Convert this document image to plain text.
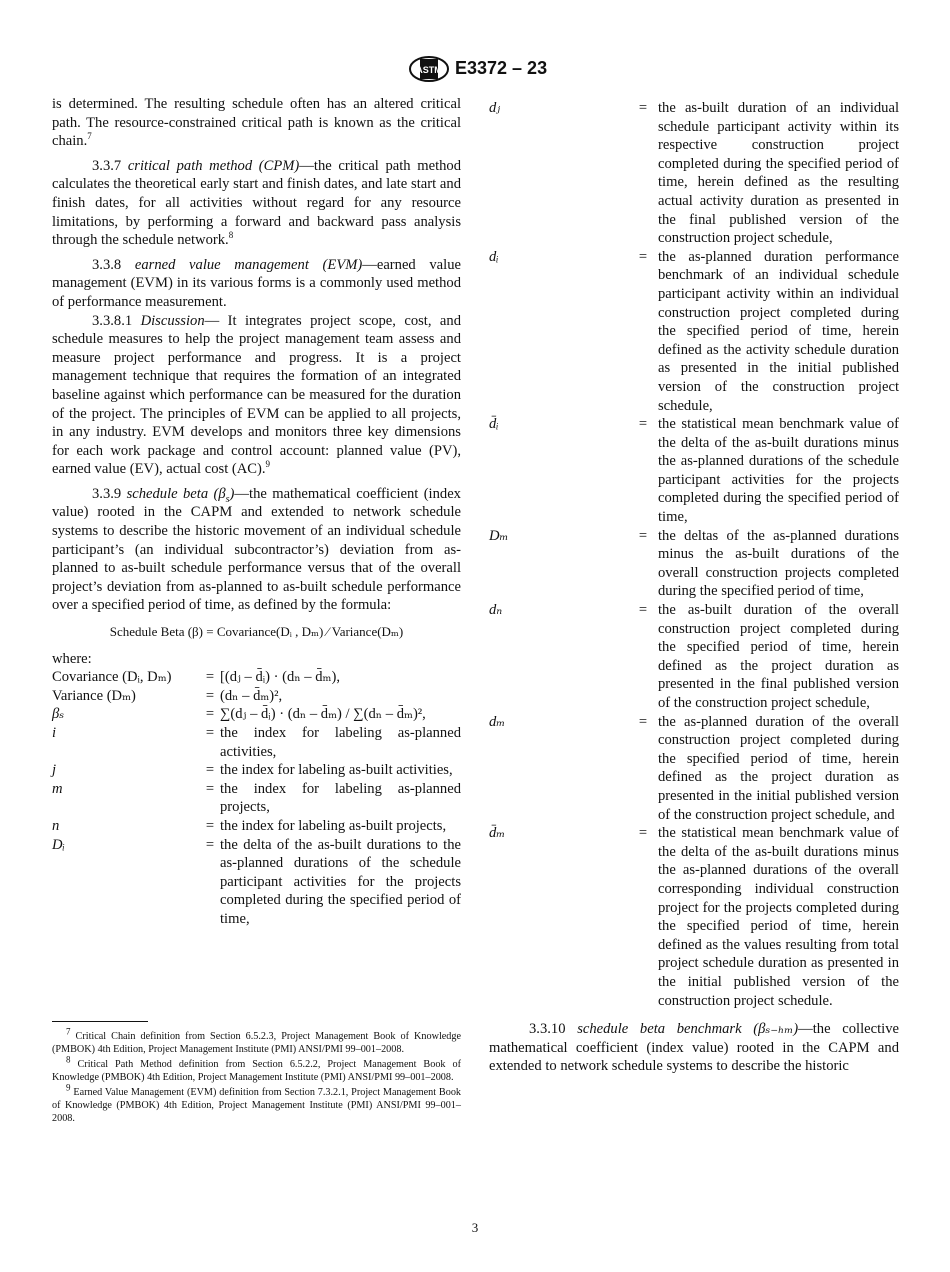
ASTM E3372 – 23

is determined. The resulting schedule often has an altered critical path. The resource-constrained critical path is known as the critical chain.$^7$

3.3.7 critical path method (CPM)—the critical path method calculates the theoretical early start and finish dates, and late start and finish dates, for all activities without regard for any resource limitations, by performing a forward and backward pass analysis through the schedule network.$^8$

3.3.8 earned value management (EVM)—earned value management (EVM) in its various forms is a commonly used method of performance measurement.

3.3.8.1 Discussion— It integrates project scope, cost, and schedule measures to help the project management team assess and measure project performance and progress. It is a project management technique that requires the formation of an integrated baseline against which performance can be measured for the duration of the project. The principles of EVM can be applied to all projects, in any industry. EVM develops and monitors three key dimensions for each work package and control account: planned value (PV), earned value (EV), actual cost (AC).$^9$

3.3.9 schedule beta $(\beta_s)—the$ mathematical coefficient (index value) rooted in the CAPM and extended to network schedule systems to describe the historic movement of an individual schedule participant’s (an individual subcontractor’s) deviation from as-planned to as-built schedule performance versus that of the overall project’s deviation from as-planned to as-built schedule performance over a specified period of time, as defined by the formula:

Schedule Beta (β) = Covariance(Dᵢ , Dₘ) ⁄ Variance(Dₘ)

where:

Covariance (Dᵢ, Dₘ)	= [(dⱼ – d̄ᵢ) · (dₙ – d̄ₘ),
Variance (Dₘ)	= (dₙ – d̄ₘ)²,
βₛ	= ∑(dⱼ – d̄ᵢ) · (dₙ – d̄ₘ) / ∑(dₙ – d̄ₘ)²,
i	= the index for labeling as-planned activities,
j	= the index for labeling as-built activities,
m	= the index for labeling as-planned projects,
n	= the index for labeling as-built projects,
Dᵢ	= the delta of the as-built durations to the as-planned durations of the schedule participant activities for the projects completed during the specified period of time,

$^7$ Critical Chain definition from Section 6.5.2.3, Project Management Book of Knowledge (PMBOK) 4th Edition, Project Management Institute (PMI) ANSI/PMI 99–001–2008.

$^8$ Critical Path Method definition from Section 6.5.2.2, Project Management Book of Knowledge (PMBOK) 4th Edition, Project Management Institute (PMI) ANSI/PMI 99–001–2008.

$^9$ Earned Value Management (EVM) definition from Section 7.3.2.1, Project Management Book of Knowledge (PMBOK) 4th Edition, Project Management Institute (PMI) ANSI/PMI 99–001–2008.

dⱼ	= the as-built duration of an individual schedule participant activity within its respective construction project completed during the specified period of time, herein defined as the resulting actual activity duration as presented in the final published version of the construction project schedule,
dᵢ	= the as-planned duration performance benchmark of an individual schedule participant activity within an individual construction project completed during the specified period of time, herein defined as the activity schedule duration as presented in the initial published version of the construction project schedule,
d̄ᵢ	= the statistical mean benchmark value of the delta of the as-built durations minus the as-planned durations of the schedule participant activities for the projects completed during the specified period of time,
Dₘ	= the deltas of the as-planned durations minus the as-built durations of the overall construction projects completed during the specified period of time,
dₙ	= the as-built duration of the overall construction project completed during the specified period of time, herein defined as the project duration as presented in the final published version of the construction project schedule,
dₘ	= the as-planned duration of the overall construction project completed during the specified period of time, herein defined as the project duration as presented in the initial published version of the construction project schedule, and
d̄ₘ	= the statistical mean benchmark value of the delta of the as-built durations minus the as-planned durations of the overall corresponding individual construction project for the projects completed during the specified period of time, herein defined as the values resulting from total project schedule duration as presented in the initial published version of the construction project schedule.

3.3.10 schedule beta benchmark (βₛ₋ₕₘ)—the collective mathematical coefficient (index value) rooted in the CAPM and extended to network schedule systems to describe the historic

3
